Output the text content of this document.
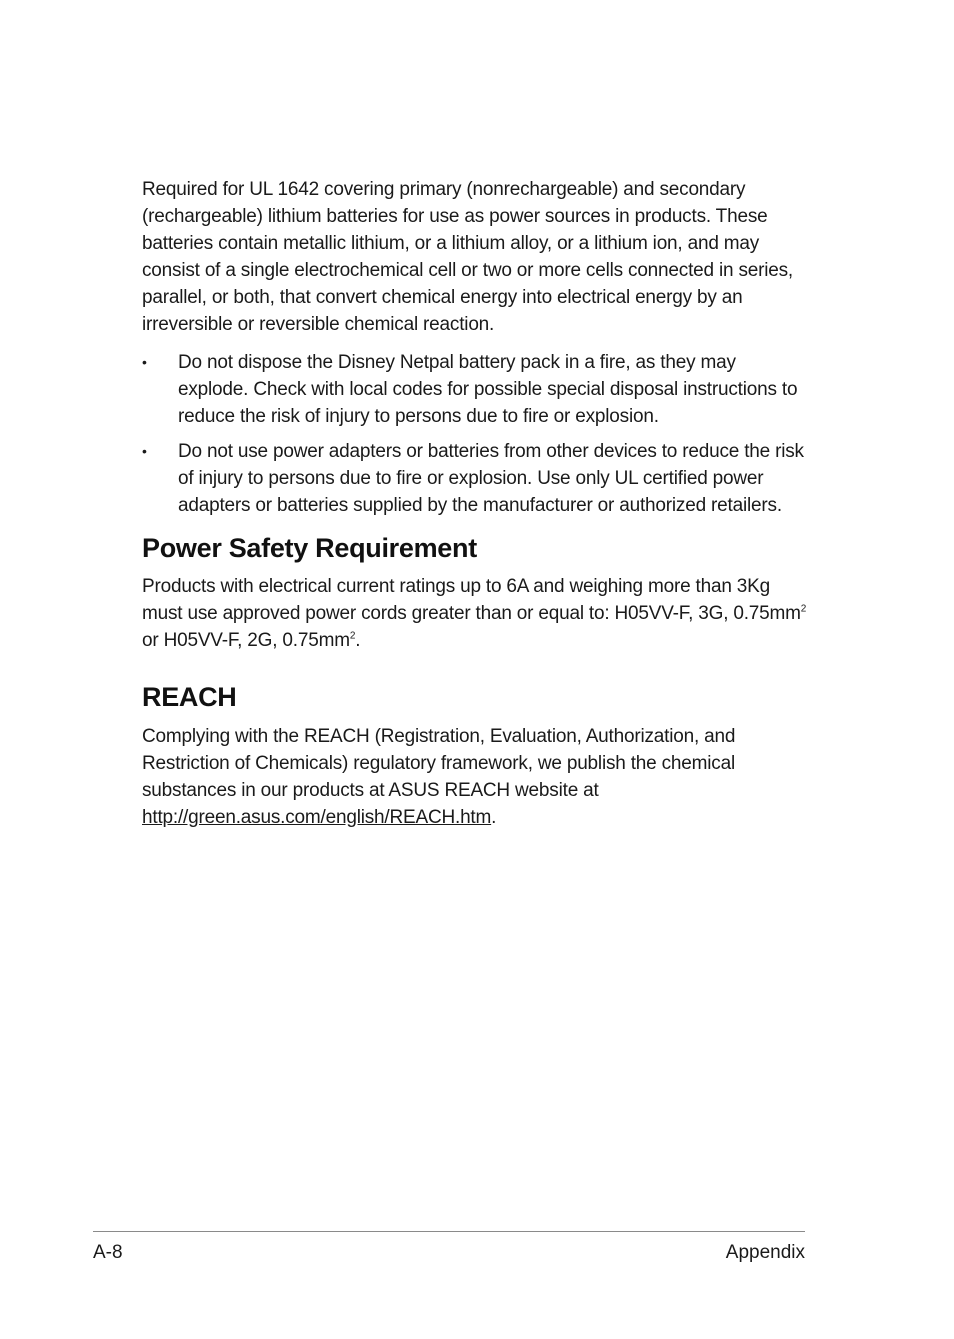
Required for UL 1642 covering primary (nonrechargeable) and secondary (rechargeable) lithium batteries for use as power sources in products. These batteries contain metallic lithium, or a lithium alloy, or a lithium ion, and may consist of a single electrochemical cell or two or more cells connected in series, parallel, or both, that convert chemical energy into electrical energy by an irreversible or reversible chemical reaction.

• Do not dispose the Disney Netpal battery pack in a fire, as they may explode. Check with local codes for possible special disposal instructions to reduce the risk of injury to persons due to fire or explosion.
• Do not use power adapters or batteries from other devices to reduce the risk of injury to persons due to fire or explosion. Use only UL certified power adapters or batteries supplied by the manufacturer or authorized retailers.
Power Safety Requirement

Products with electrical current ratings up to 6A and weighing more than 3Kg must use approved power cords greater than or equal to: H05VV-F, 3G, $0.75mm^2$ or H05VV-F, 2G, $0.75mm^2$.

REACH

Complying with the REACH (Registration, Evaluation, Authorization, and Restriction of Chemicals) regulatory framework, we publish the chemical substances in our products at ASUS REACH website at http://green.asus.com/english/REACH.htm.

A-8	Appendix
